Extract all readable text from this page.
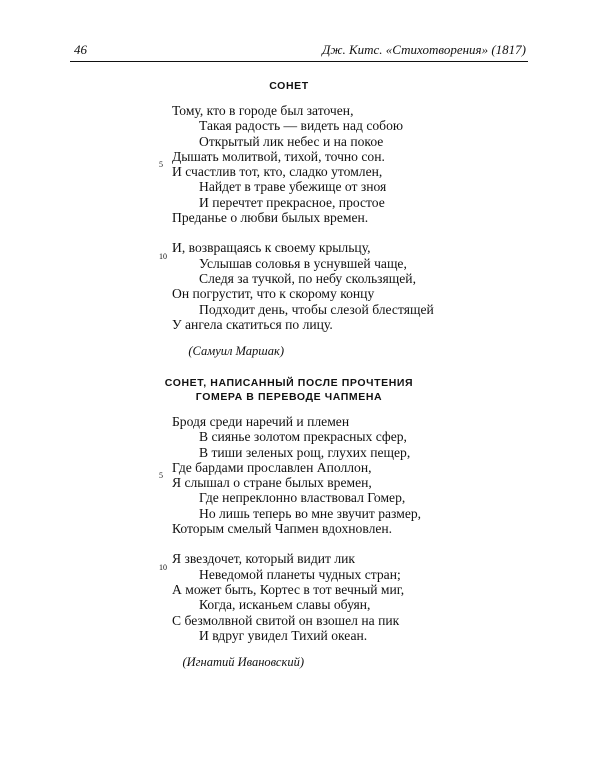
46	Дж. Китс. «Стихотворения» (1817)
СОНЕТ
Тому, кто в городе был заточен,
Такая радость — видеть над собою
Открытый лик небес и на покое
Дышать молитвой, тихой, точно сон.
И счастлив тот, кто, сладко утомлен,
5
Найдет в траве убежище от зноя
И перечтет прекрасное, простое
Преданье о любви былых времен.
И, возвращаясь к своему крыльцу,
Услышав соловья в уснувшей чаще,
10
Следя за тучкой, по небу скользящей,
Он погрустит, что к скорому концу
Подходит день, чтобы слезой блестящей
У ангела скатиться по лицу.
(Самуил Маршак)
СОНЕТ, НАПИСАННЫЙ ПОСЛЕ ПРОЧТЕНИЯ
ГОМЕРА В ПЕРЕВОДЕ ЧАПМЕНА
Бродя среди наречий и племен
В сиянье золотом прекрасных сфер,
В тиши зеленых рощ, глухих пещер,
Где бардами прославлен Аполлон,
Я слышал о стране былых времен,
5
Где непреклонно властвовал Гомер,
Но лишь теперь во мне звучит размер,
Которым смелый Чапмен вдохновлен.
Я звездочет, который видит лик
Неведомой планеты чудных стран;
10
А может быть, Кортес в тот вечный миг,
Когда, исканьем славы обуян,
С безмолвной свитой он взошел на пик
И вдруг увидел Тихий океан.
(Игнатий Ивановский)
